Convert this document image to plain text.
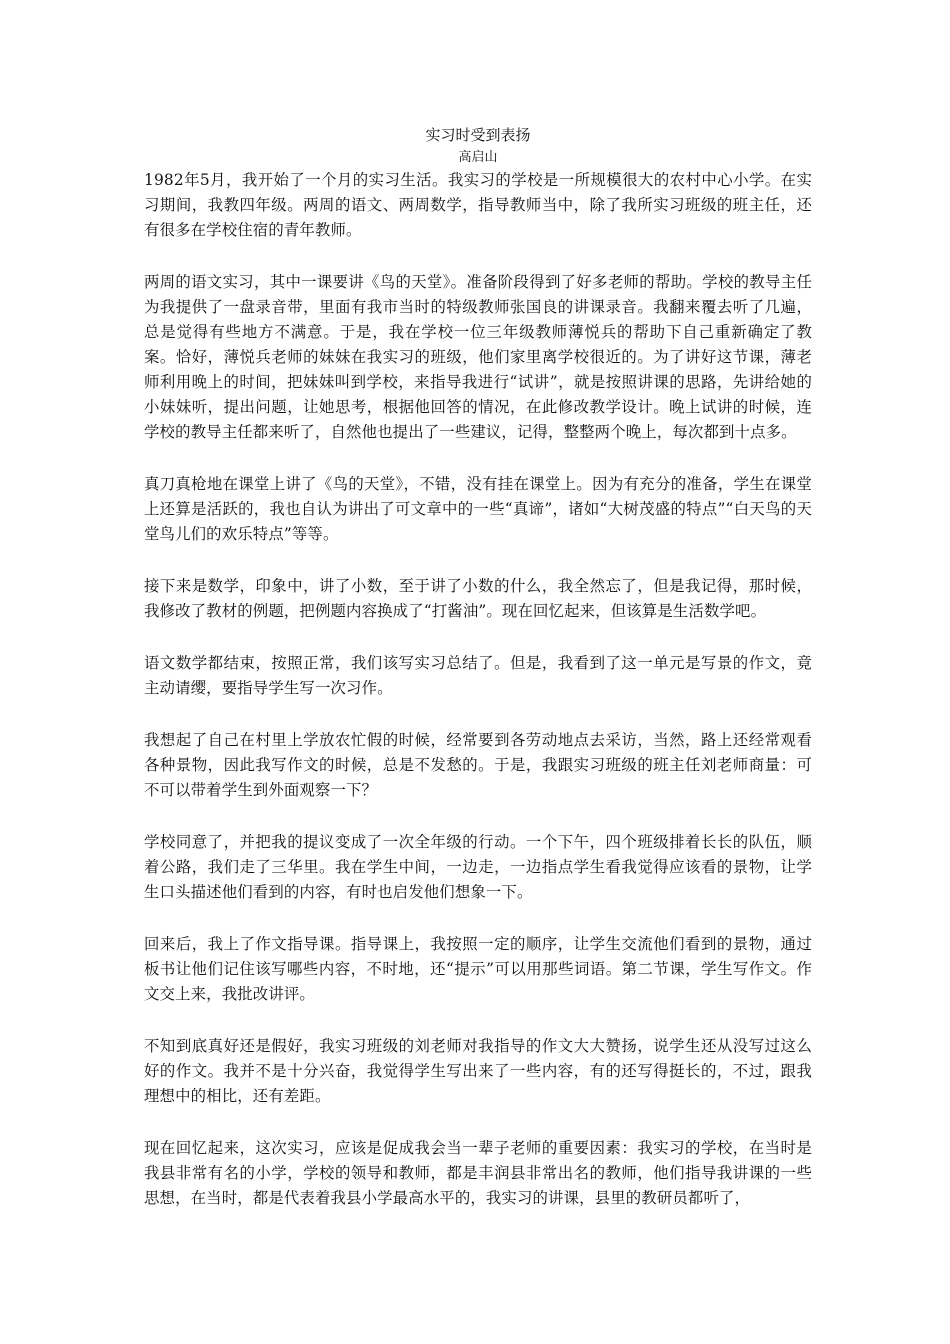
实习时受到表扬
高启山

1982年5月，我开始了一个月的实习生活。我实习的学校是一所规模很大的农村中心小学。在实习期间，我教四年级。两周的语文、两周数学，指导教师当中，除了我所实习班级的班主任，还有很多在学校住宿的青年教师。

两周的语文实习，其中一课要讲《鸟的天堂》。准备阶段得到了好多老师的帮助。学校的教导主任为我提供了一盘录音带，里面有我市当时的特级教师张国良的讲课录音。我翻来覆去听了几遍，总是觉得有些地方不满意。于是，我在学校一位三年级教师薄悦兵的帮助下自己重新确定了教案。恰好，薄悦兵老师的妹妹在我实习的班级，他们家里离学校很近的。为了讲好这节课，薄老师利用晚上的时间，把妹妹叫到学校，来指导我进行“试讲”，就是按照讲课的思路，先讲给她的小妹妹听，提出问题，让她思考，根据他回答的情况，在此修改教学设计。晚上试讲的时候，连学校的教导主任都来听了，自然他也提出了一些建议，记得，整整两个晚上，每次都到十点多。

真刀真枪地在课堂上讲了《鸟的天堂》，不错，没有挂在课堂上。因为有充分的准备，学生在课堂上还算是活跃的，我也自认为讲出了可文章中的一些“真谛”，诸如“大树茂盛的特点”“白天鸟的天堂鸟儿们的欢乐特点”等等。

接下来是数学，印象中，讲了小数，至于讲了小数的什么，我全然忘了，但是我记得，那时候，我修改了教材的例题，把例题内容换成了“打酱油”。现在回忆起来，但该算是生活数学吧。

语文数学都结束，按照正常，我们该写实习总结了。但是，我看到了这一单元是写景的作文，竟主动请缨，要指导学生写一次习作。

我想起了自己在村里上学放农忙假的时候，经常要到各劳动地点去采访，当然，路上还经常观看各种景物，因此我写作文的时候，总是不发愁的。于是，我跟实习班级的班主任刘老师商量：可不可以带着学生到外面观察一下？

学校同意了，并把我的提议变成了一次全年级的行动。一个下午，四个班级排着长长的队伍，顺着公路，我们走了三华里。我在学生中间，一边走，一边指点学生看我觉得应该看的景物，让学生口头描述他们看到的内容，有时也启发他们想象一下。

回来后，我上了作文指导课。指导课上，我按照一定的顺序，让学生交流他们看到的景物，通过板书让他们记住该写哪些内容，不时地，还“提示”可以用那些词语。第二节课，学生写作文。作文交上来，我批改讲评。

不知到底真好还是假好，我实习班级的刘老师对我指导的作文大大赞扬，说学生还从没写过这么好的作文。我并不是十分兴奋，我觉得学生写出来了一些内容，有的还写得挺长的，不过，跟我理想中的相比，还有差距。

现在回忆起来，这次实习，应该是促成我会当一辈子老师的重要因素：我实习的学校，在当时是我县非常有名的小学，学校的领导和教师，都是丰润县非常出名的教师，他们指导我讲课的一些思想，在当时，都是代表着我县小学最高水平的，我实习的讲课，县里的教研员都听了，
